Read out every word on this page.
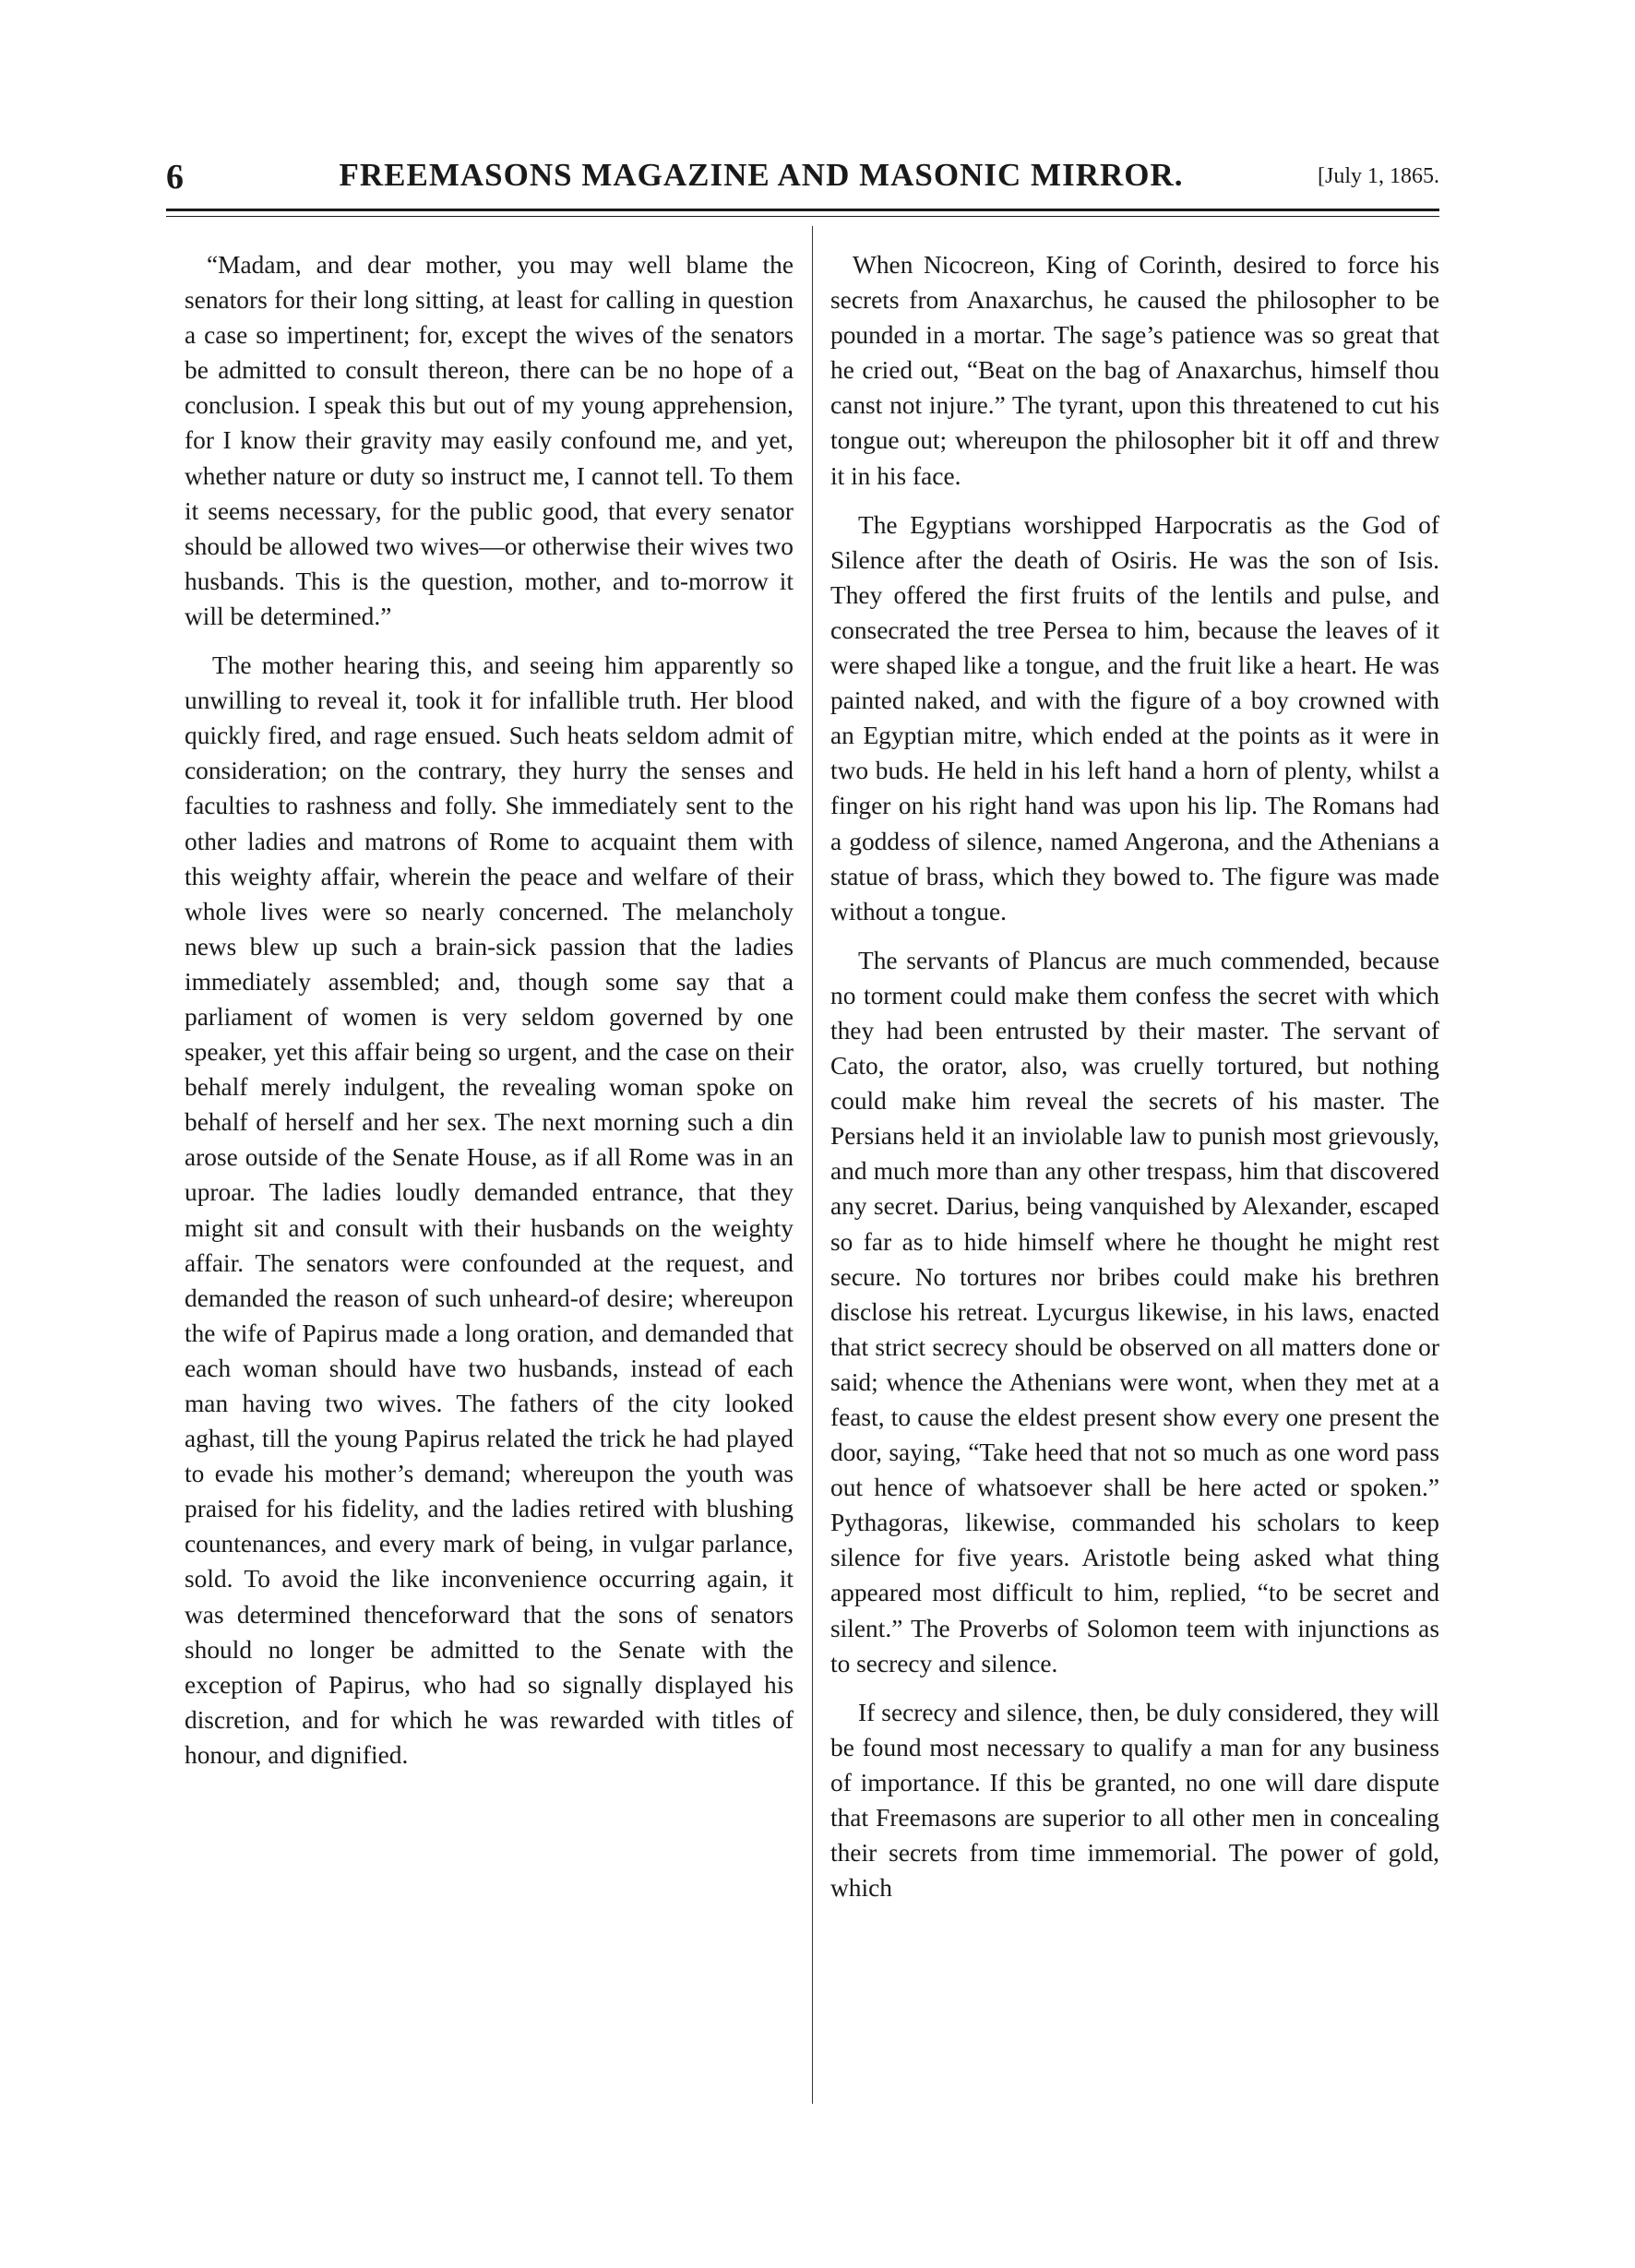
6	FREEMASONS MAGAZINE AND MASONIC MIRROR.	[July 1, 1865.

“Madam, and dear mother, you may well blame the senators for their long sitting, at least for calling in question a case so impertinent; for, except the wives of the senators be admitted to consult thereon, there can be no hope of a conclusion. I speak this but out of my young apprehension, for I know their gravity may easily confound me, and yet, whether nature or duty so instruct me, I cannot tell. To them it seems necessary, for the public good, that every senator should be allowed two wives—or otherwise their wives two husbands. This is the question, mother, and to-morrow it will be determined.”

The mother hearing this, and seeing him apparently so unwilling to reveal it, took it for infallible truth. Her blood quickly fired, and rage ensued. Such heats seldom admit of consideration; on the contrary, they hurry the senses and faculties to rashness and folly. She immediately sent to the other ladies and matrons of Rome to acquaint them with this weighty affair, wherein the peace and welfare of their whole lives were so nearly concerned. The melancholy news blew up such a brain-sick passion that the ladies immediately assembled; and, though some say that a parliament of women is very seldom governed by one speaker, yet this affair being so urgent, and the case on their behalf merely indulgent, the revealing woman spoke on behalf of herself and her sex. The next morning such a din arose outside of the Senate House, as if all Rome was in an uproar. The ladies loudly demanded entrance, that they might sit and consult with their husbands on the weighty affair. The senators were confounded at the request, and demanded the reason of such unheard-of desire; whereupon the wife of Papirus made a long oration, and demanded that each woman should have two husbands, instead of each man having two wives. The fathers of the city looked aghast, till the young Papirus related the trick he had played to evade his mother’s demand; whereupon the youth was praised for his fidelity, and the ladies retired with blushing countenances, and every mark of being, in vulgar parlance, sold. To avoid the like inconvenience occurring again, it was determined thenceforward that the sons of senators should no longer be admitted to the Senate with the exception of Papirus, who had so signally displayed his discretion, and for which he was rewarded with titles of honour, and dignified.

When Nicocreon, King of Corinth, desired to force his secrets from Anaxarchus, he caused the philosopher to be pounded in a mortar. The sage’s patience was so great that he cried out, “Beat on the bag of Anaxarchus, himself thou canst not injure.” The tyrant, upon this threatened to cut his tongue out; whereupon the philosopher bit it off and threw it in his face.

The Egyptians worshipped Harpocratis as the God of Silence after the death of Osiris. He was the son of Isis. They offered the first fruits of the lentils and pulse, and consecrated the tree Persea to him, because the leaves of it were shaped like a tongue, and the fruit like a heart. He was painted naked, and with the figure of a boy crowned with an Egyptian mitre, which ended at the points as it were in two buds. He held in his left hand a horn of plenty, whilst a finger on his right hand was upon his lip. The Romans had a goddess of silence, named Angerona, and the Athenians a statue of brass, which they bowed to. The figure was made without a tongue.

The servants of Plancus are much commended, because no torment could make them confess the secret with which they had been entrusted by their master. The servant of Cato, the orator, also, was cruelly tortured, but nothing could make him reveal the secrets of his master. The Persians held it an inviolable law to punish most grievously, and much more than any other trespass, him that discovered any secret. Darius, being vanquished by Alexander, escaped so far as to hide himself where he thought he might rest secure. No tortures nor bribes could make his brethren disclose his retreat. Lycurgus likewise, in his laws, enacted that strict secrecy should be observed on all matters done or said; whence the Athenians were wont, when they met at a feast, to cause the eldest present show every one present the door, saying, “Take heed that not so much as one word pass out hence of whatsoever shall be here acted or spoken.” Pythagoras, likewise, commanded his scholars to keep silence for five years. Aristotle being asked what thing appeared most difficult to him, replied, “to be secret and silent.” The Proverbs of Solomon teem with injunctions as to secrecy and silence.

If secrecy and silence, then, be duly considered, they will be found most necessary to qualify a man for any business of importance. If this be granted, no one will dare dispute that Freemasons are superior to all other men in concealing their secrets from time immemorial. The power of gold, which
